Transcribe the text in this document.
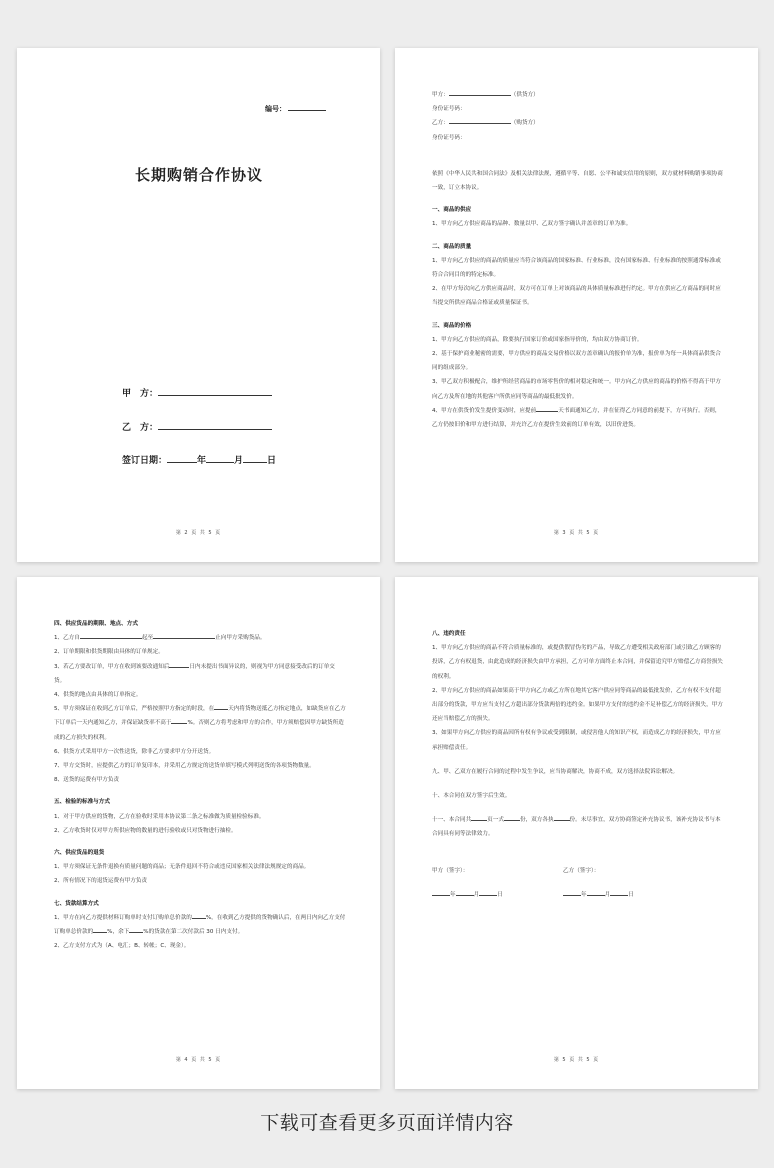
编号：
长期购销合作协议
甲　方：
乙　方：
签订日期：	年	月	日
第 2 页 共 5 页

甲方：	（供货方）

身份证号码：

乙方：	（购货方）

身份证号码：

依照《中华人民共和国合同法》及相关法律法规，遵循平等、自愿、公平和诚实信用的原则，双方就材料购销事项协商一致，订立本协议。

一、商品的供应

1、甲方向乙方供应商品的品种、数量以甲、乙双方签字确认并盖章的订单为准。

二、商品的质量

1、甲方向乙方供应的商品的质量应当符合该商品的国家标准、行业标准，没有国家标准、行业标准的按照通常标准或符合合同目的的特定标准。

2、在甲方每次向乙方供应商品时，双方可在订单上对该商品的具体质量标准进行约定。甲方在供应乙方商品的同时应当提交所供应商品合格证或质量保证书。

三、商品的价格

1、甲方向乙方供应的商品，除要执行国家订价或国家指导价的，均由双方协商订价。

2、基于保护商业秘密的需要，甲方供应的商品交易价格以双方盖章确认的报价单为准，报价单为每一具体商品供货合同的组成部分。

3、甲乙双方积极配合，维护所经营商品的市场零售价的相对稳定和统一。甲方向乙方供应的商品的价格不得高于甲方向乙方及所在地的其他客户所供应同等商品的最低批发价。

4、甲方在供货价发生提价变动时，应提前	天书面通知乙方，并在征得乙方同意的前提下，方可执行。否则，乙方仍按旧价和甲方进行结算，并充许乙方在提价生效前的订单有效，以旧价进货。

第 3 页 共 5 页

四、供应货品的期限、地点、方式

1、乙方自	起至	止向甲方采购货品。

2、订单期限和供货期限由具体的订单规定。

3、若乙方要改订单，甲方在收到该要改通知后	日内未提出书面异议的，则视为甲方同意接受改后的订单交货。

4、供货的地点由具体的订单指定。

5、甲方须保证在收到乙方订单后，严格按照甲方指定的时段，在	天内将货物送抵乙方指定地点，如缺货应在乙方下订单后一天内通知乙方，并保证缺货率不高于	%。否则乙方将考虑和甲方的合作，甲方须赔偿因甲方缺货所造成的乙方损失的权利。

6、供货方式采用甲方一次性送货，除非乙方要求甲方分开送货。

7、甲方交货时，应提供乙方的订单复印本，并采用乙方规定的送货单填写模式列明送货的各项货物数量。

8、送货的运费有甲方负责

五、检验的标准与方式

1、对于甲方供应的货物，乙方在验收时采用本协议第二条之标准做为质量检验标准。

2、乙方收货时仅对甲方所供应物的数量的进行验收或只对货物进行抽检。

六、供应货品的退货

1、甲方须保证无条件退换有质量问题的商品；无条件退回不符合或违反国家相关法律法规规定的商品。

2、所有情况下的退货运费有甲方负责

七、货款结算方式

1、甲方在向乙方提供材料订购单时支付订购单总价款的	%，在收到乙方提供的货物确认后，在两日内向乙方支付订购单总价款的	%，余下	%的货款在第二次付款后 30 日内支付。

2、乙方支付方式为（A、电汇；B、转帐；C、现金）。

第 4 页 共 5 页

八、违约责任

1、甲方向乙方供应的商品不符合质量标准的，或提供假冒伪劣的产品，导致乙方遭受相关政府部门或引致乙方顾客的投诉，乙方有权退货，由此造成的经济损失由甲方承担，乙方可单方面终止本合同，并保留追究甲方赔偿乙方商誉损失的权利。

2、甲方向乙方供应的商品如果高于甲方向乙方或乙方所在地其它客户供应同等商品的最低批发价，乙方有权不支付超出部分的货款，甲方应当支付乙方超出部分货款两倍的违约金。如果甲方支付的违约金不足补偿乙方的经济损失，甲方还应当赔偿乙方的损失。

3、如果甲方向乙方供应的商品因所有权有争议或受到限制，或侵害他人的知识产权，而造成乙方的经济损失，甲方应承担赔偿责任。

九、甲、乙双方在履行合同的过程中发生争议，应当协商解决，协商不成，双方选择法院诉讼解决。

十、本合同在双方签字后生效。

十一、本合同共	页一式	份，双方各执	份。未尽事宜，双方协商签定补充协议书，该补充协议书与本合同具有同等法律效力。

甲方（签字）：	乙方（签字）：

年	月	日	年	月	日

第 5 页 共 5 页
下载可查看更多页面详情内容
